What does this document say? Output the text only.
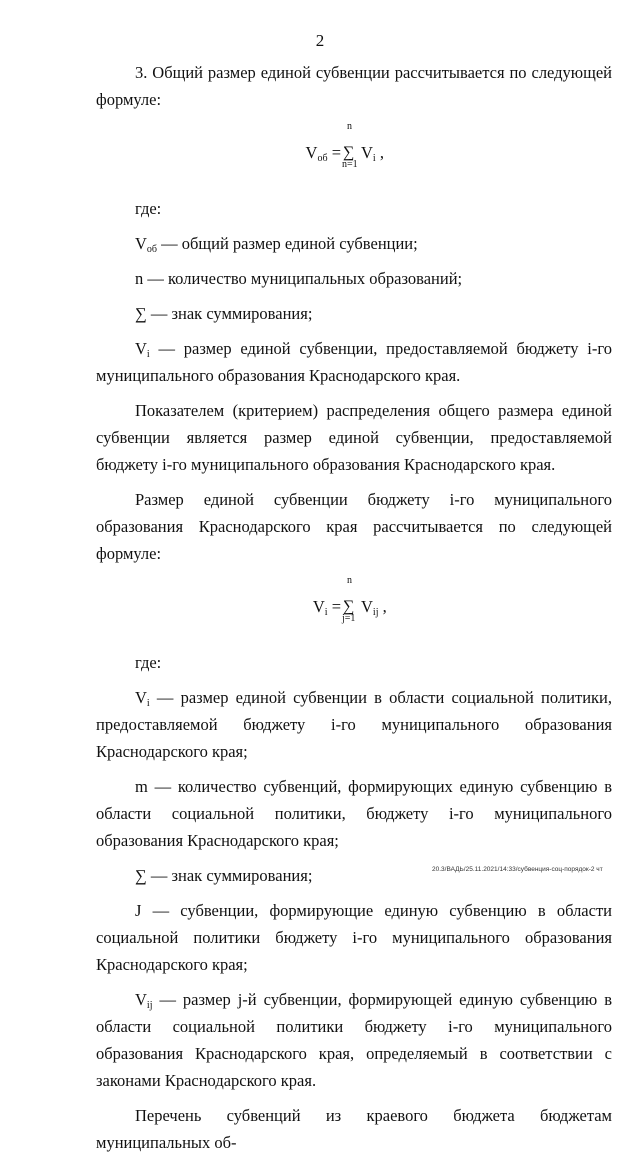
2

3. Общий размер единой субвенции рассчитывается по следующей формуле:

$V_{об}$ =
n
∑
n=1
$V_i$ ,

где:

$V_{об}$ — общий размер единой субвенции;

n — количество муниципальных образований;

∑ — знак суммирования;

$V_i$ — размер единой субвенции, предоставляемой бюджету i-го муниципального образования Краснодарского края.

Показателем (критерием) распределения общего размера единой субвенции является размер единой субвенции, предоставляемой бюджету i-го муниципального образования Краснодарского края.

Размер единой субвенции бюджету i-го муниципального образования Краснодарского края рассчитывается по следующей формуле:

$V_i$ =
n
∑
j=1
$V_{ij}$ ,

где:

$V_i$ — размер единой субвенции в области социальной политики, предоставляемой бюджету i-го муниципального образования Краснодарского края;

m — количество субвенций, формирующих единую субвенцию в области социальной политики, бюджету i-го муниципального образования Краснодарского края;

∑ — знак суммирования;

J — субвенции, формирующие единую субвенцию в области социальной политики бюджету i-го муниципального образования Краснодарского края;

$V_{ij}$ — размер j-й субвенции, формирующей единую субвенцию в области социальной политики бюджету i-го муниципального образования Краснодарского края, определяемый в соответствии с законами Краснодарского края.

Перечень субвенций из краевого бюджета бюджетам муниципальных об-

20.3/ВАДЬ/25.11.2021/14:33/субвенция-соц-порядок-2 чт
